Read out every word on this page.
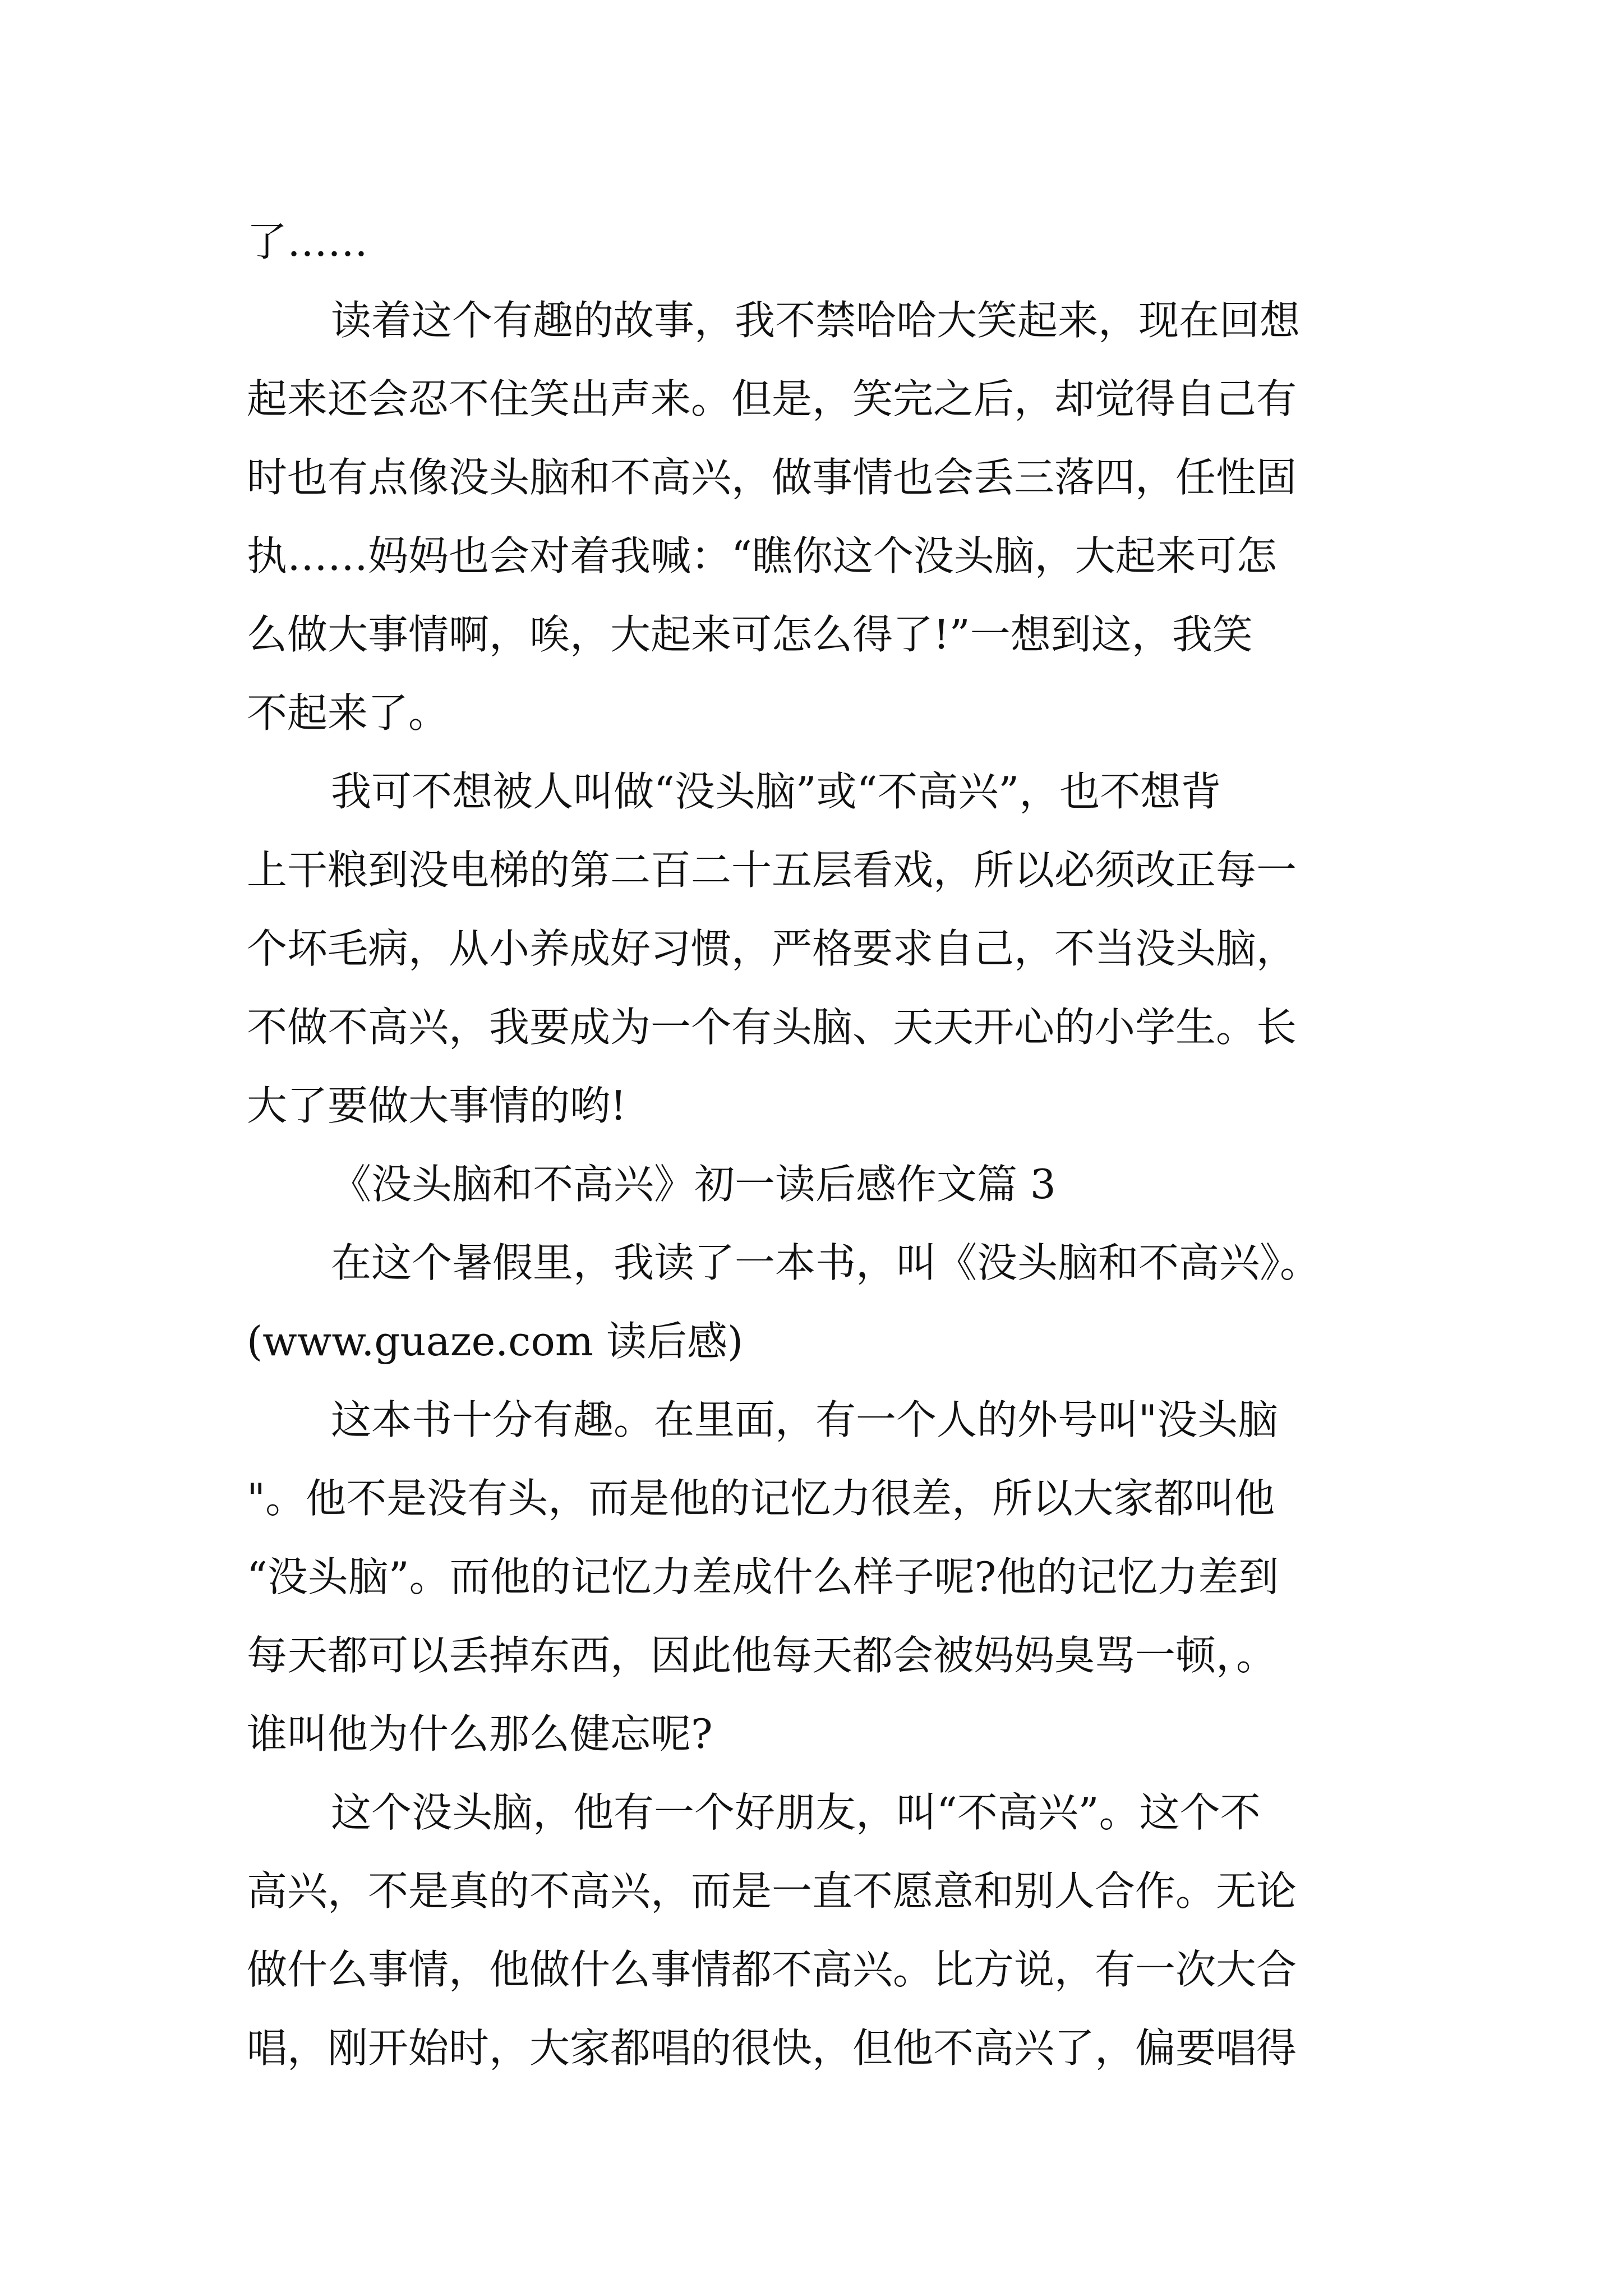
了……
读着这个有趣的故事，我不禁哈哈大笑起来，现在回想
起来还会忍不住笑出声来。但是，笑完之后，却觉得自己有
时也有点像没头脑和不高兴，做事情也会丢三落四，任性固
执……妈妈也会对着我喊：“瞧你这个没头脑，大起来可怎
么做大事情啊，唉，大起来可怎么得了!”一想到这，我笑
不起来了。
我可不想被人叫做“没头脑”或“不高兴”，也不想背
上干粮到没电梯的第二百二十五层看戏，所以必须改正每一
个坏毛病，从小养成好习惯，严格要求自己，不当没头脑，
不做不高兴，我要成为一个有头脑、天天开心的小学生。长
大了要做大事情的哟!
《没头脑和不高兴》初一读后感作文篇 3
在这个暑假里，我读了一本书，叫《没头脑和不高兴》。
(www.guaze.com 读后感)
这本书十分有趣。在里面，有一个人的外号叫"没头脑
"。他不是没有头，而是他的记忆力很差，所以大家都叫他
“没头脑”。而他的记忆力差成什么样子呢?他的记忆力差到
每天都可以丢掉东西，因此他每天都会被妈妈臭骂一顿，。
谁叫他为什么那么健忘呢?
这个没头脑，他有一个好朋友，叫“不高兴”。这个不
高兴，不是真的不高兴，而是一直不愿意和别人合作。无论
做什么事情，他做什么事情都不高兴。比方说，有一次大合
唱，刚开始时，大家都唱的很快，但他不高兴了，偏要唱得
